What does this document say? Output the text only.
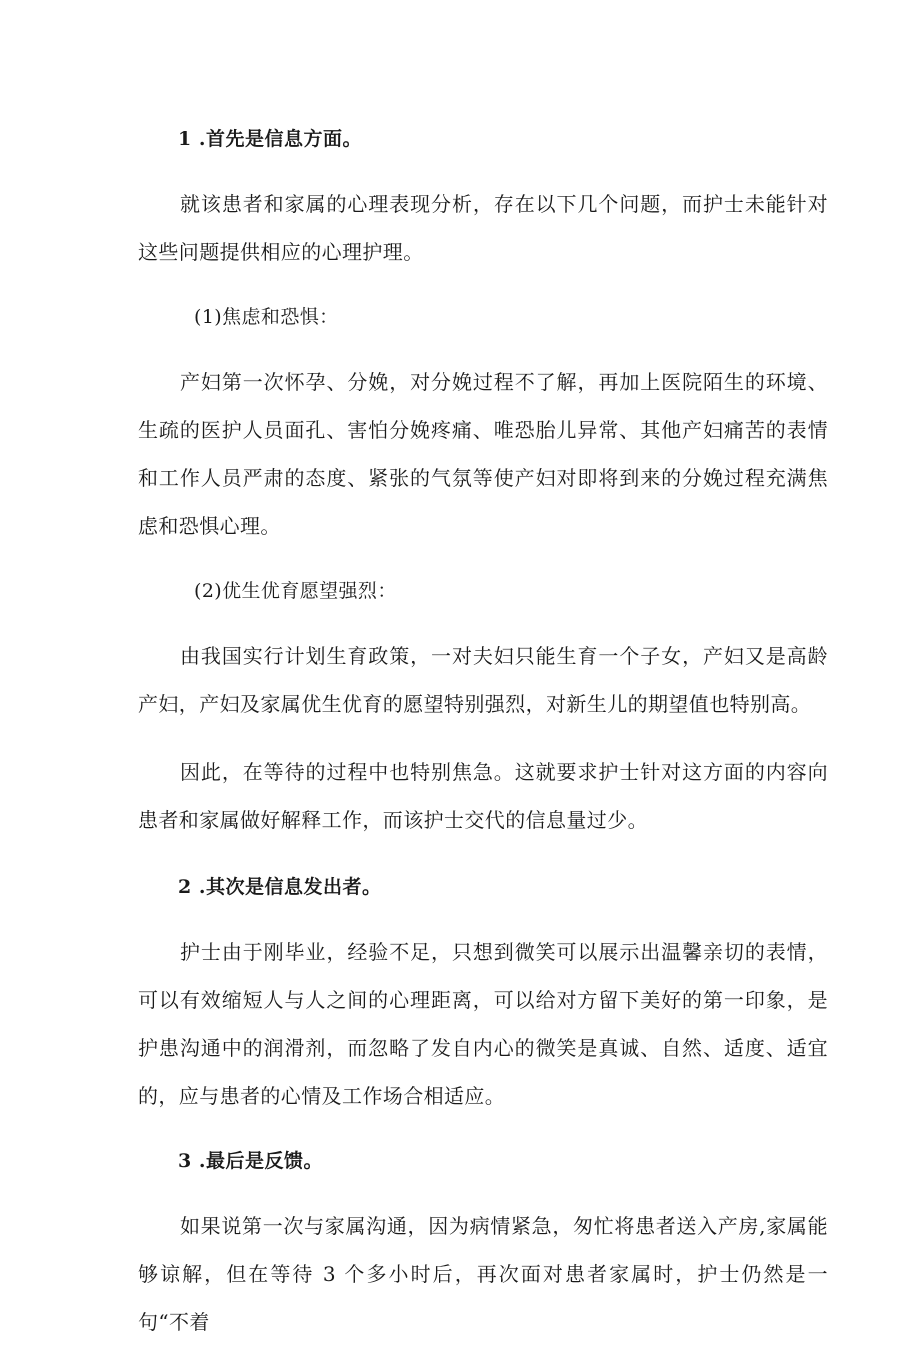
1 .首先是信息方面。

就该患者和家属的心理表现分析，存在以下几个问题，而护士未能针对这些问题提供相应的心理护理。

(1)焦虑和恐惧：

产妇第一次怀孕、分娩，对分娩过程不了解，再加上医院陌生的环境、生疏的医护人员面孔、害怕分娩疼痛、唯恐胎儿异常、其他产妇痛苦的表情和工作人员严肃的态度、紧张的气氛等使产妇对即将到来的分娩过程充满焦虑和恐惧心理。

(2)优生优育愿望强烈：

由我国实行计划生育政策，一对夫妇只能生育一个子女，产妇又是高龄产妇，产妇及家属优生优育的愿望特别强烈，对新生儿的期望值也特别高。

因此，在等待的过程中也特别焦急。这就要求护士针对这方面的内容向患者和家属做好解释工作，而该护士交代的信息量过少。

2 .其次是信息发出者。

护士由于刚毕业，经验不足，只想到微笑可以展示出温馨亲切的表情，可以有效缩短人与人之间的心理距离，可以给对方留下美好的第一印象，是护患沟通中的润滑剂，而忽略了发自内心的微笑是真诚、自然、适度、适宜的，应与患者的心情及工作场合相适应。

3 .最后是反馈。

如果说第一次与家属沟通，因为病情紧急，匆忙将患者送入产房,家属能够谅解，但在等待 3 个多小时后，再次面对患者家属时，护士仍然是一句“不着
